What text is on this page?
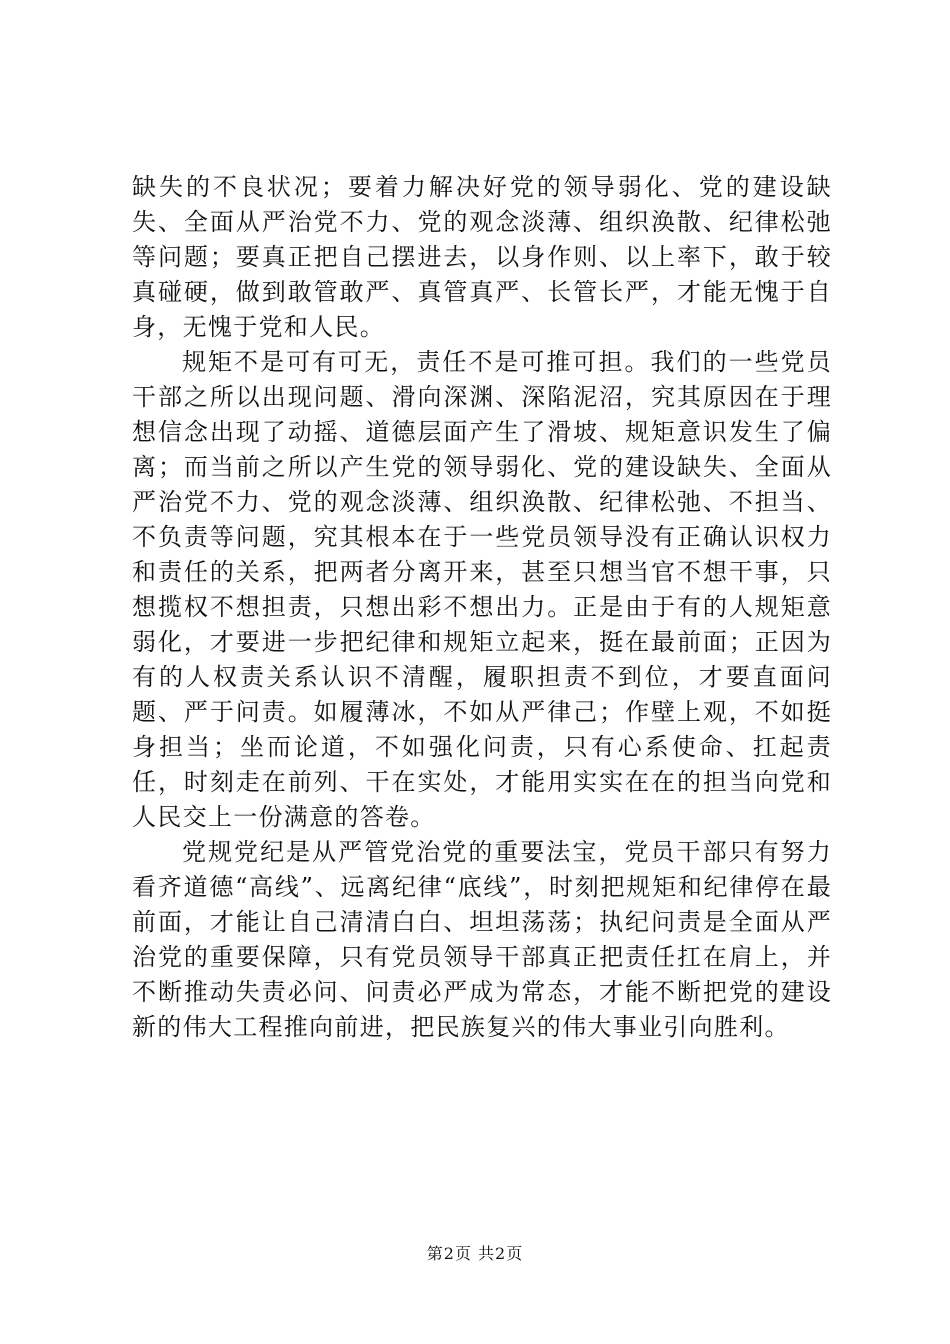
缺失的不良状况；要着力解决好党的领导弱化、党的建设缺失、全面从严治党不力、党的观念淡薄、组织涣散、纪律松弛等问题；要真正把自己摆进去，以身作则、以上率下，敢于较真碰硬，做到敢管敢严、真管真严、长管长严，才能无愧于自身，无愧于党和人民。

规矩不是可有可无，责任不是可推可担。我们的一些党员干部之所以出现问题、滑向深渊、深陷泥沼，究其原因在于理想信念出现了动摇、道德层面产生了滑坡、规矩意识发生了偏离；而当前之所以产生党的领导弱化、党的建设缺失、全面从严治党不力、党的观念淡薄、组织涣散、纪律松弛、不担当、不负责等问题，究其根本在于一些党员领导没有正确认识权力和责任的关系，把两者分离开来，甚至只想当官不想干事，只想揽权不想担责，只想出彩不想出力。正是由于有的人规矩意弱化，才要进一步把纪律和规矩立起来，挺在最前面；正因为有的人权责关系认识不清醒，履职担责不到位，才要直面问题、严于问责。如履薄冰，不如从严律己；作壁上观，不如挺身担当；坐而论道，不如强化问责，只有心系使命、扛起责任，时刻走在前列、干在实处，才能用实实在在的担当向党和人民交上一份满意的答卷。

党规党纪是从严管党治党的重要法宝，党员干部只有努力看齐道德“高线”、远离纪律“底线”，时刻把规矩和纪律停在最前面，才能让自己清清白白、坦坦荡荡；执纪问责是全面从严治党的重要保障，只有党员领导干部真正把责任扛在肩上，并不断推动失责必问、问责必严成为常态，才能不断把党的建设新的伟大工程推向前进，把民族复兴的伟大事业引向胜利。

第2页 共2页
